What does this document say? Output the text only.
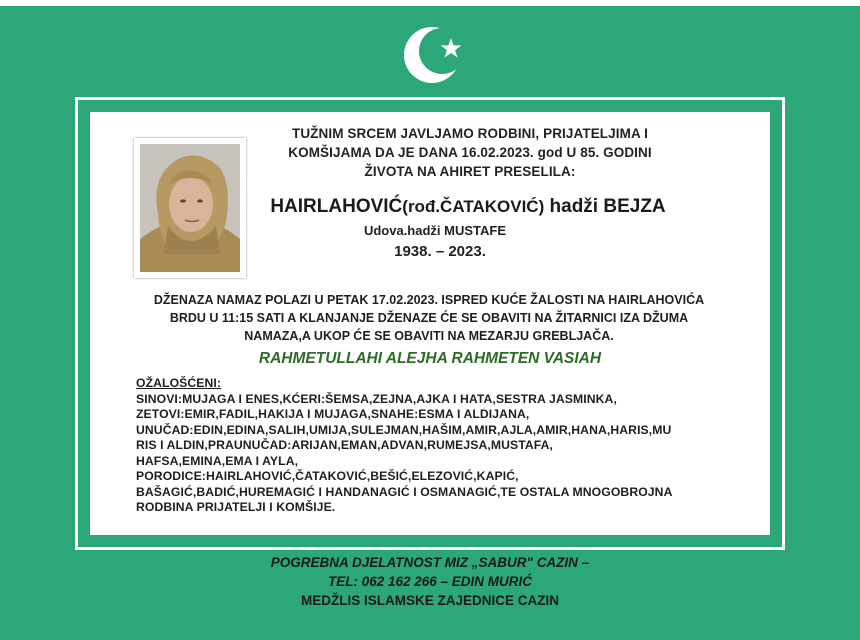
TUŽNIM SRCEM JAVLJAMO RODBINI, PRIJATELJIMA I
KOMŠIJAMA DA JE DANA 16.02.2023. god U 85. GODINI
ŽIVOTA NA AHIRET PRESELILA:
HAIRLAHOVIĆ(rođ.ČATAKOVIĆ) hadži BEJZA
Udova.hadži MUSTAFE
1938. – 2023.
DŽENAZA NAMAZ POLAZI U PETAK 17.02.2023. ISPRED KUĆE ŽALOSTI NA HAIRLAHOVIĆA
BRDU U 11:15 SATI A KLANJANJE DŽENAZE ĆE SE OBAVITI NA ŽITARNICI IZA DŽUMA
NAMAZA,A UKOP ĆE SE OBAVITI NA MEZARJU GREBLJAČA.
RAHMETULLAHI ALEJHA RAHMETEN VASIAH
OŽALOŠĆENI:
SINOVI:MUJAGA I ENES,KĆERI:ŠEMSA,ZEJNA,AJKA I HATA,SESTRA JASMINKA,
ZETOVI:EMIR,FADIL,HAKIJA I MUJAGA,SNAHE:ESMA I ALDIJANA,
UNUČAD:EDIN,EDINA,SALIH,UMIJA,SULEJMAN,HAŠIM,AMIR,AJLA,AMIR,HANA,HARIS,MU
RIS I ALDIN,PRAUNUČAD:ARIJAN,EMAN,ADVAN,RUMEJSA,MUSTAFA,
HAFSA,EMINA,EMA I AYLA,
PORODICE:HAIRLAHOVIĆ,ČATAKOVIĆ,BEŠIĆ,ELEZOVIĆ,KAPIĆ,
BAŠAGIĆ,BADIĆ,HUREMAGIĆ I HANDANAGIĆ I OSMANAGIĆ,TE OSTALA MNOGOBROJNA
RODBINA PRIJATELJI I KOMŠIJE.
POGREBNA DJELATNOST MIZ „SABUR" CAZIN –
TEL: 062 162 266 – EDIN MURIĆ
MEDŽLIS ISLAMSKE ZAJEDNICE CAZIN
